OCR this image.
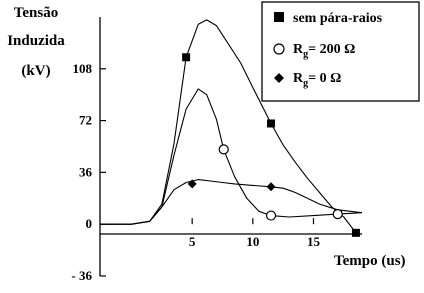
Tensão
Induzida
(kV) 108
72
36
0
- 36
5	10	15
Tempo (us)
sem pára-raios
$R_g= 200$ Ω
$R_g= 0$ Ω
